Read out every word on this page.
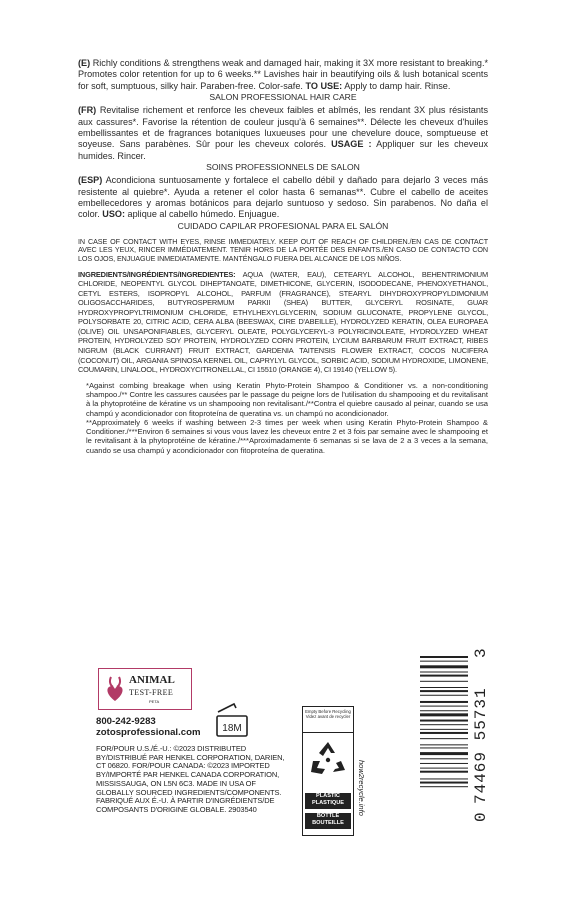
(E) Richly conditions & strengthens weak and damaged hair, making it 3X more resistant to breaking.* Promotes color retention for up to 6 weeks.** Lavishes hair in beautifying oils & lush botanical scents for soft, sumptuous, silky hair. Paraben-free. Color-safe. TO USE: Apply to damp hair. Rinse.

SALON PROFESSIONAL HAIR CARE

(FR) Revitalise richement et renforce les cheveux faibles et abîmés, les rendant 3X plus résistants aux cassures*. Favorise la rétention de couleur jusqu'à 6 semaines**. Délecte les cheveux d'huiles embellissantes et de fragrances botaniques luxueuses pour une chevelure douce, somptueuse et soyeuse. Sans parabènes. Sûr pour les cheveux colorés. USAGE : Appliquer sur les cheveux humides. Rincer.

SOINS PROFESSIONNELS DE SALON

(ESP) Acondiciona suntuosamente y fortalece el cabello débil y dañado para dejarlo 3 veces más resistente al quiebre*. Ayuda a retener el color hasta 6 semanas**. Cubre el cabello de aceites embellecedores y aromas botánicos para dejarlo suntuoso y sedoso. Sin parabenos. No daña el color. USO: aplique al cabello húmedo. Enjuague.

CUIDADO CAPILAR PROFESIONAL PARA EL SALÓN

IN CASE OF CONTACT WITH EYES, RINSE IMMEDIATELY. KEEP OUT OF REACH OF CHILDREN./EN CAS DE CONTACT AVEC LES YEUX, RINCER IMMÉDIATEMENT. TENIR HORS DE LA PORTÉE DES ENFANTS./EN CASO DE CONTACTO CON LOS OJOS, ENJUAGUE INMEDIATAMENTE. MANTÉNGALO FUERA DEL ALCANCE DE LOS NIÑOS.

INGREDIENTS/INGRÉDIENTS/INGREDIENTES: AQUA (WATER, EAU), CETEARYL ALCOHOL, BEHENTRIMONIUM CHLORIDE, NEOPENTYL GLYCOL DIHEPTANOATE, DIMETHICONE, GLYCERIN, ISODODECANE, PHENOXYETHANOL, CETYL ESTERS, ISOPROPYL ALCOHOL, PARFUM (FRAGRANCE), STEARYL DIHYDROXYPROPYLDIMONIUM OLIGOSACCHARIDES, BUTYROSPERMUM PARKII (SHEA) BUTTER, GLYCERYL ROSINATE, GUAR HYDROXYPROPYLTRIMONIUM CHLORIDE, ETHYLHEXYLGLYCERIN, SODIUM GLUCONATE, PROPYLENE GLYCOL, POLYSORBATE 20, CITRIC ACID, CERA ALBA (BEESWAX, CIRE D'ABEILLE), HYDROLYZED KERATIN, OLEA EUROPAEA (OLIVE) OIL UNSAPONIFIABLES, GLYCERYL OLEATE, POLYGLYCERYL-3 POLYRICINOLEATE, HYDROLYZED WHEAT PROTEIN, HYDROLYZED SOY PROTEIN, HYDROLYZED CORN PROTEIN, LYCIUM BARBARUM FRUIT EXTRACT, RIBES NIGRUM (BLACK CURRANT) FRUIT EXTRACT, GARDENIA TAITENSIS FLOWER EXTRACT, COCOS NUCIFERA (COCONUT) OIL, ARGANIA SPINOSA KERNEL OIL, CAPRYLYL GLYCOL, SORBIC ACID, SODIUM HYDROXIDE, LIMONENE, COUMARIN, LINALOOL, HYDROXYCITRONELLAL, CI 15510 (ORANGE 4), CI 19140 (YELLOW 5).

*Against combing breakage when using Keratin Phyto-Protein Shampoo & Conditioner vs. a non-conditioning shampoo./** Contre les cassures causées par le passage du peigne lors de l'utilisation du shampooing et du revitalisant à la phytoprotéine de kératine vs un shampooing non revitalisant./**Contra el quiebre causado al peinar, cuando se usa champú y acondicionador con fitoproteína de queratina vs. un champú no acondicionador.

**Approximately 6 weeks if washing between 2-3 times per week when using Keratin Phyto-Protein Shampoo & Conditioner./***Environ 6 semaines si vous vous lavez les cheveux entre 2 et 3 fois par semaine avec le shampooing et le revitalisant à la phytoprotéine de kératine./***Aproximadamente 6 semanas si se lava de 2 a 3 veces a la semana, cuando se usa champú y acondicionador con fitoproteína de queratina.

ANIMAL
TEST-FREE
PETA
18M
800-242-9283
zotosprofessional.com
FOR/POUR U.S./É.-U.: ©2023 DISTRIBUTED BY/DISTRIBUÉ PAR HENKEL CORPORATION, DARIEN, CT 06820. FOR/POUR CANADA: ©2023 IMPORTED BY/IMPORTÉ PAR HENKEL CANADA CORPORATION, MISSISSAUGA, ON L5N 6C3. MADE IN USA OF GLOBALLY SOURCED INGREDIENTS/COMPONENTS. FABRIQUÉ AUX É.-U. À PARTIR D'INGRÉDIENTS/DE COMPOSANTS D'ORIGINE GLOBALE. 2903540
Empty Before Recycling Videz avant de recycler
PLASTIC PLASTIQUE
BOTTLE BOUTEILLE
how2recycle.info
0
74469 55731
3
